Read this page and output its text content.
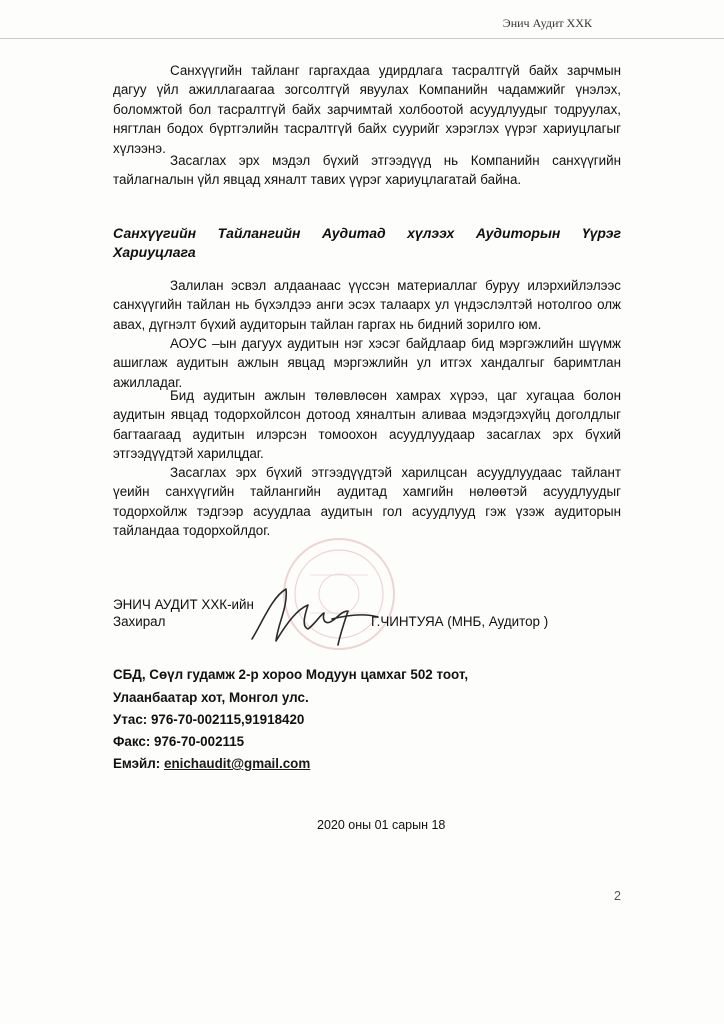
Энич Аудит ХХК

Санхүүгийн тайланг гаргахдаа удирдлага тасралтгүй байх зарчмын дагуу үйл ажиллагаагаа зогсолтгүй явуулах Компанийн чадамжийг үнэлэх, боломжтой бол тасралтгүй байх зарчимтай холбоотой асуудлуудыг тодруулах, нягтлан бодох бүртгэлийн тасралтгүй байх суурийг хэрэглэх үүрэг хариуцлагыг хүлээнэ.

Засаглах эрх мэдэл бүхий этгээдүүд нь Компанийн санхүүгийн тайлагналын үйл явцад хяналт тавих үүрэг хариуцлагатай байна.

Санхүүгийн Тайлангийн Аудитад хүлээх Аудиторын Үүрэг
Хариуцлага

Залилан эсвэл алдаанаас үүссэн материаллаг буруу илэрхийлэлээс санхүүгийн тайлан нь бүхэлдээ анги эсэх талаарх ул үндэслэлтэй нотолгоо олж авах, дүгнэлт бүхий аудиторын тайлан гаргах нь бидний зорилго юм.

АОУС –ын дагуух аудитын нэг хэсэг байдлаар бид мэргэжлийн шүүмж ашиглаж аудитын ажлын явцад мэргэжлийн ул итгэх хандалгыг баримтлан ажилладаг.

Бид аудитын ажлын төлөвлөсөн хамрах хүрээ, цаг хугацаа болон аудитын явцад тодорхойлсон дотоод хяналтын аливаа мэдэгдэхүйц доголдлыг багтаагаад аудитын илэрсэн томоохон асуудлуудаар засаглах эрх бүхий этгээдүүдтэй харилцдаг.

Засаглах эрх бүхий этгээдүүдтэй харилцсан асуудлуудаас тайлант үеийн санхүүгийн тайлангийн аудитад хамгийн нөлөөтэй асуудлуудыг тодорхойлж тэдгээр асуудлаа аудитын гол асуудлууд гэж үзэж аудиторын тайландаа тодорхойлдог.

ЭНИЧ АУДИТ ХХК-ийн
Захирал	Г.ЧИНТУЯА (МНБ, Аудитор )
СБД, Сөүл гудамж 2-р хороо Модуун цамхаг 502 тоот,
Улаанбаатар хот, Монгол улс.
Утас: 976-70-002115,91918420
Факс: 976-70-002115
Емэйл: enichaudit@gmail.com
2020 оны 01 сарын 18
2
